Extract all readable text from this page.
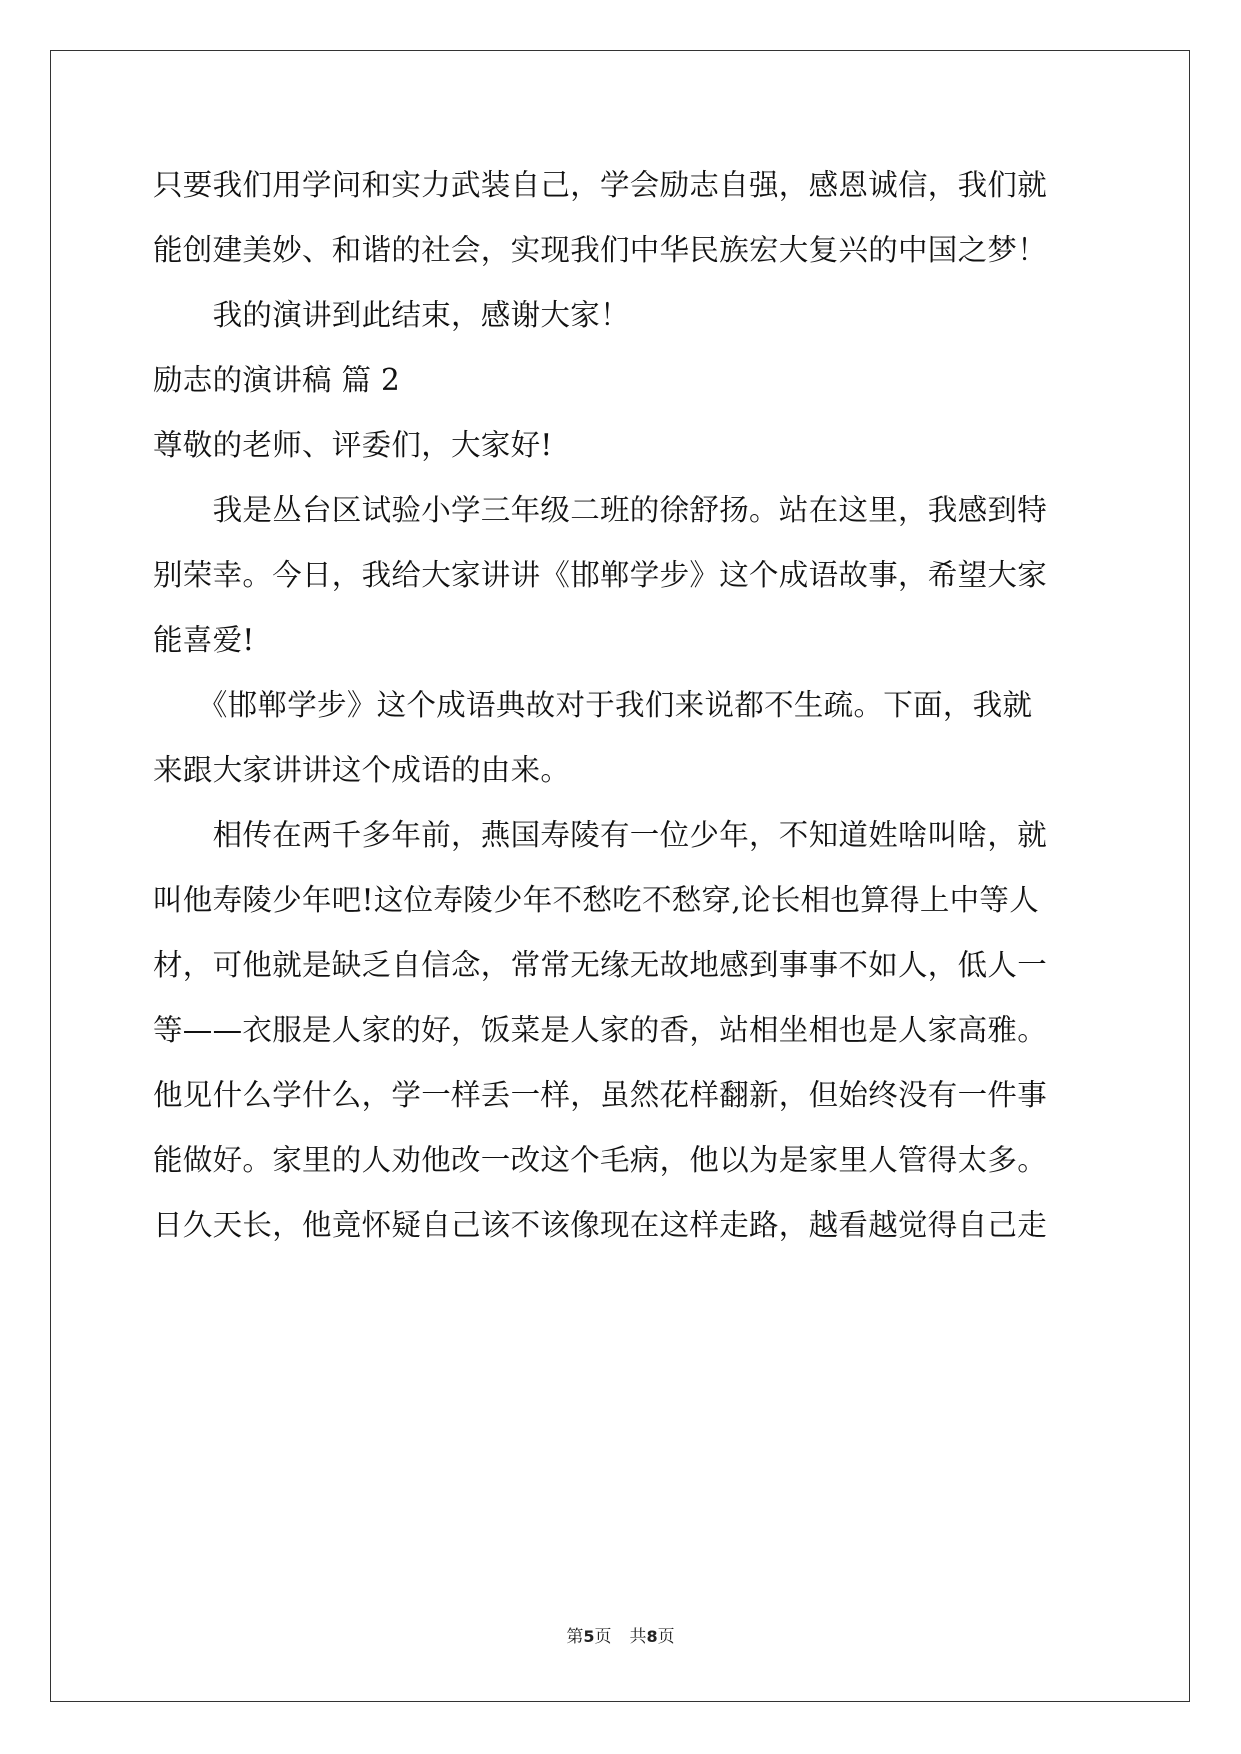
只要我们用学问和实力武装自己，学会励志自强，感恩诚信，我们就
能创建美妙、和谐的社会，实现我们中华民族宏大复兴的中国之梦！
　　我的演讲到此结束，感谢大家！
励志的演讲稿 篇 2
尊敬的老师、评委们，大家好!
　　我是丛台区试验小学三年级二班的徐舒扬。站在这里，我感到特
别荣幸。今日，我给大家讲讲《邯郸学步》这个成语故事，希望大家
能喜爱!
　　《邯郸学步》这个成语典故对于我们来说都不生疏。下面，我就
来跟大家讲讲这个成语的由来。
　　相传在两千多年前，燕国寿陵有一位少年，不知道姓啥叫啥，就
叫他寿陵少年吧!这位寿陵少年不愁吃不愁穿,论长相也算得上中等人
材，可他就是缺乏自信念，常常无缘无故地感到事事不如人，低人一
等——衣服是人家的好，饭菜是人家的香，站相坐相也是人家高雅。
他见什么学什么，学一样丢一样，虽然花样翻新，但始终没有一件事
能做好。家里的人劝他改一改这个毛病，他以为是家里人管得太多。
日久天长，他竟怀疑自己该不该像现在这样走路，越看越觉得自己走
第5页 共8页
